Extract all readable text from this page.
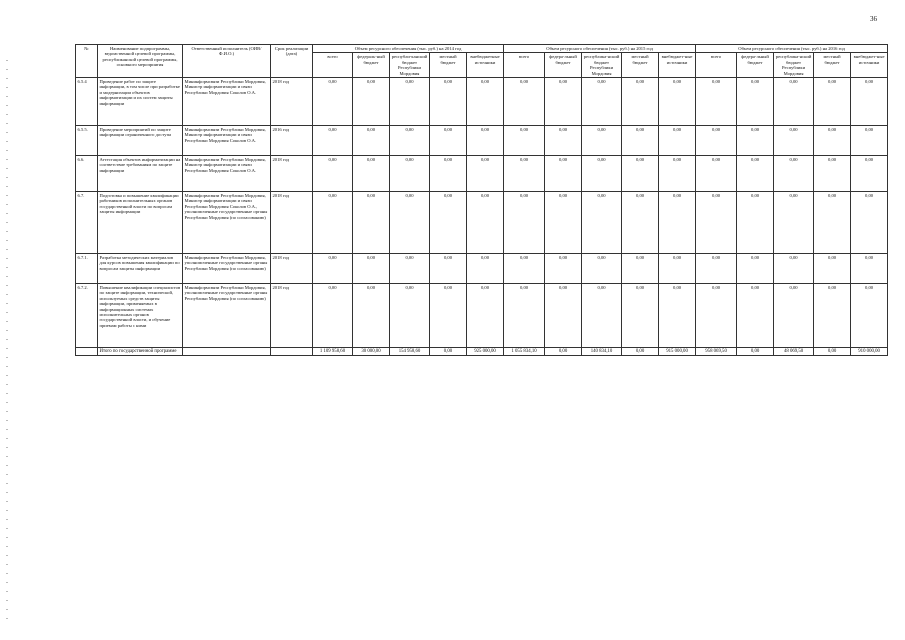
36
№	Наименование подпрограммы, ведомственной целевой программы, республиканской целевой программы, основного мероприятия	Ответственный исполнитель (ОИВ/Ф.И.О.)	Срок реализации (дата)	Объем ресурсного обеспечения (тыс. руб.) на 2014 год					Объем ресурсного обеспечения (тыс. руб.) на 2015 год					Объем ресурсного обеспечения (тыс. руб.) на 2016 год				
				всего	федераль-ный бюджет	республи-канский бюджет Республики Мордовия	местный бюджет	внебюджетные источники	всего	федера-льный бюджет	республика-нский бюджет Республики Мордовия	местный бюджет	внебюджет-ные источники	всего	федера-льный бюджет	республика-нский бюджет Республики Мордовия	местный бюджет	внебюджет-ные источники
6.5.4	Проведение работ по защите информации, в том числе при разработке и модернизации объектов информатизации и их систем защиты информации	Мининформсвязи Республики Мордовия, Министр информатизации и связи Республики Мордовия Соколов О.А.	2018 год	0,00	0,00	0,00	0,00	0,00	0,00	0,00	0,00	0,00	0,00	0,00	0,00	0,00	0,00	0,00
6.5.5.	Проведение мероприятий по защите информации ограниченного доступа	Мининформсвязи Республики Мордовия, Министр информатизации и связи Республики Мордовия Соколов О.А.	2016 год	0,00	0,00	0,00	0,00	0,00	0,00	0,00	0,00	0,00	0,00	0,00	0,00	0,00	0,00	0,00
6.6.	Аттестация объектов информатизации на соответствие требованиям по защите информации	Мининформсвязи Республики Мордовия, Министр информатизации и связи Республики Мордовия Соколов О.А.	2018 год	0,00	0,00	0,00	0,00	0,00	0,00	0,00	0,00	0,00	0,00	0,00	0,00	0,00	0,00	0,00
6.7.	Подготовка и повышение квалификации работников исполнительных органов государственной власти по вопросам защиты информации	Мининформсвязи Республики Мордовия, Министр информатизации и связи Республики Мордовия Соколов О.А., уполномоченные государственные органы Республики Мордовия (по согласованию)	2018 год	0,00	0,00	0,00	0,00	0,00	0,00	0,00	0,00	0,00	0,00	0,00	0,00	0,00	0,00	0,00
6.7.1.	Разработка методических материалов для курсов повышения квалификации по вопросам защиты информации	Мининформсвязи Республики Мордовия, уполномоченные государственные органы Республики Мордовия (по согласованию)	2018 год	0,00	0,00	0,00	0,00	0,00	0,00	0,00	0,00	0,00	0,00	0,00	0,00	0,00	0,00	0,00
6.7.2.	Повышение квалификации специалистов по защите информации, технической, используемых средств защиты информации, применяемых в информационных системах исполнительных органов государственной власти, и обучение приемам работы с ними	Мининформсвязи Республики Мордовия, уполномоченные государственные органы Республики Мордовия (по согласованию)	2018 год	0,00	0,00	0,00	0,00	0,00	0,00	0,00	0,00	0,00	0,00	0,00	0,00	0,00	0,00	0,00
	Итого по государственной программе			1 109 958,60	30 000,00	154 958,60	0,00	925 000,00	1 055 834,10	0,00	140 834,10	0,00	915 000,00	958 069,50	0,00	48 069,50	0,00	910 000,00
